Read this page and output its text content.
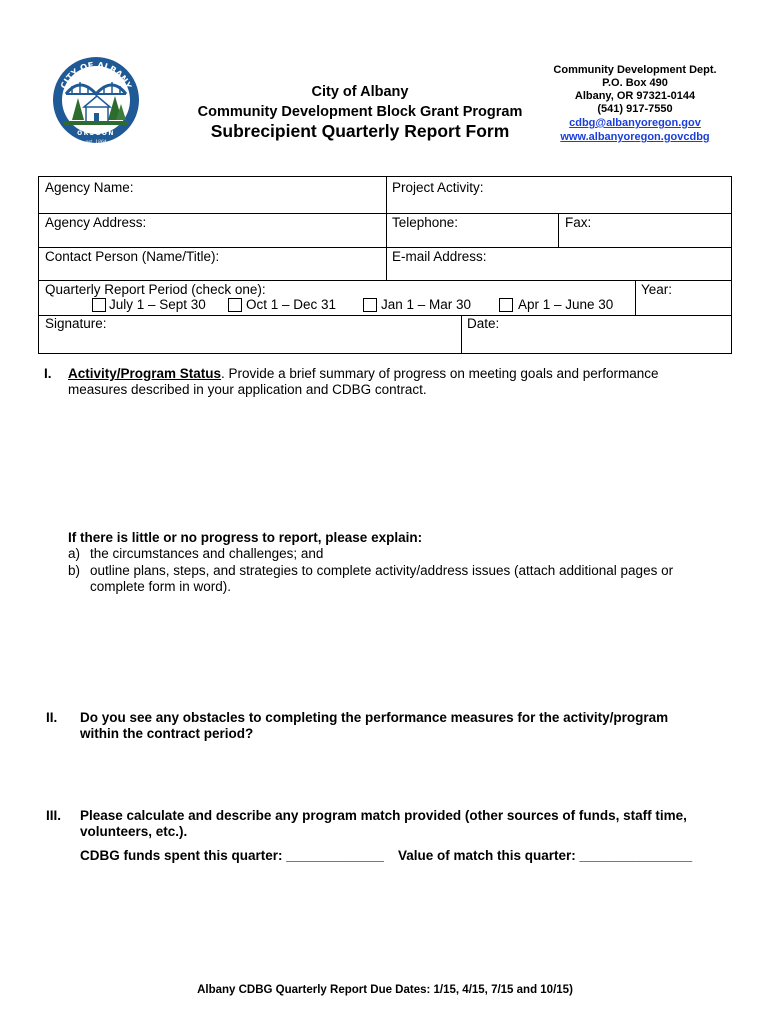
CITY OF ALBANY
OREGON
est. 1864
City of Albany
Community Development Block Grant Program
Subrecipient Quarterly Report Form
Community Development Dept.
P.O. Box 490
Albany, OR 97321-0144
(541) 917-7550
cdbg@albanyoregon.gov
www.albanyoregon.govcdbg
Agency Name:	Project Activity:
Agency Address:	Telephone:	Fax:
Contact Person (Name/Title):	E-mail Address:
Quarterly Report Period (check one):	Year:
July 1 – Sept 30	Oct 1 – Dec 31	Jan 1 – Mar 30	Apr 1 – June 30
Signature:	Date:
I. Activity/Program Status. Provide a brief summary of progress on meeting goals and performance
measures described in your application and CDBG contract.
If there is little or no progress to report, please explain:
a) the circumstances and challenges; and
b) outline plans, steps, and strategies to complete activity/address issues (attach additional pages or
complete form in word).
II. Do you see any obstacles to completing the performance measures for the activity/program
within the contract period?
III. Please calculate and describe any program match provided (other sources of funds, staff time,
volunteers, etc.).
CDBG funds spent this quarter: _____________ Value of match this quarter: _______________
Albany CDBG Quarterly Report Due Dates: 1/15, 4/15, 7/15 and 10/15)
